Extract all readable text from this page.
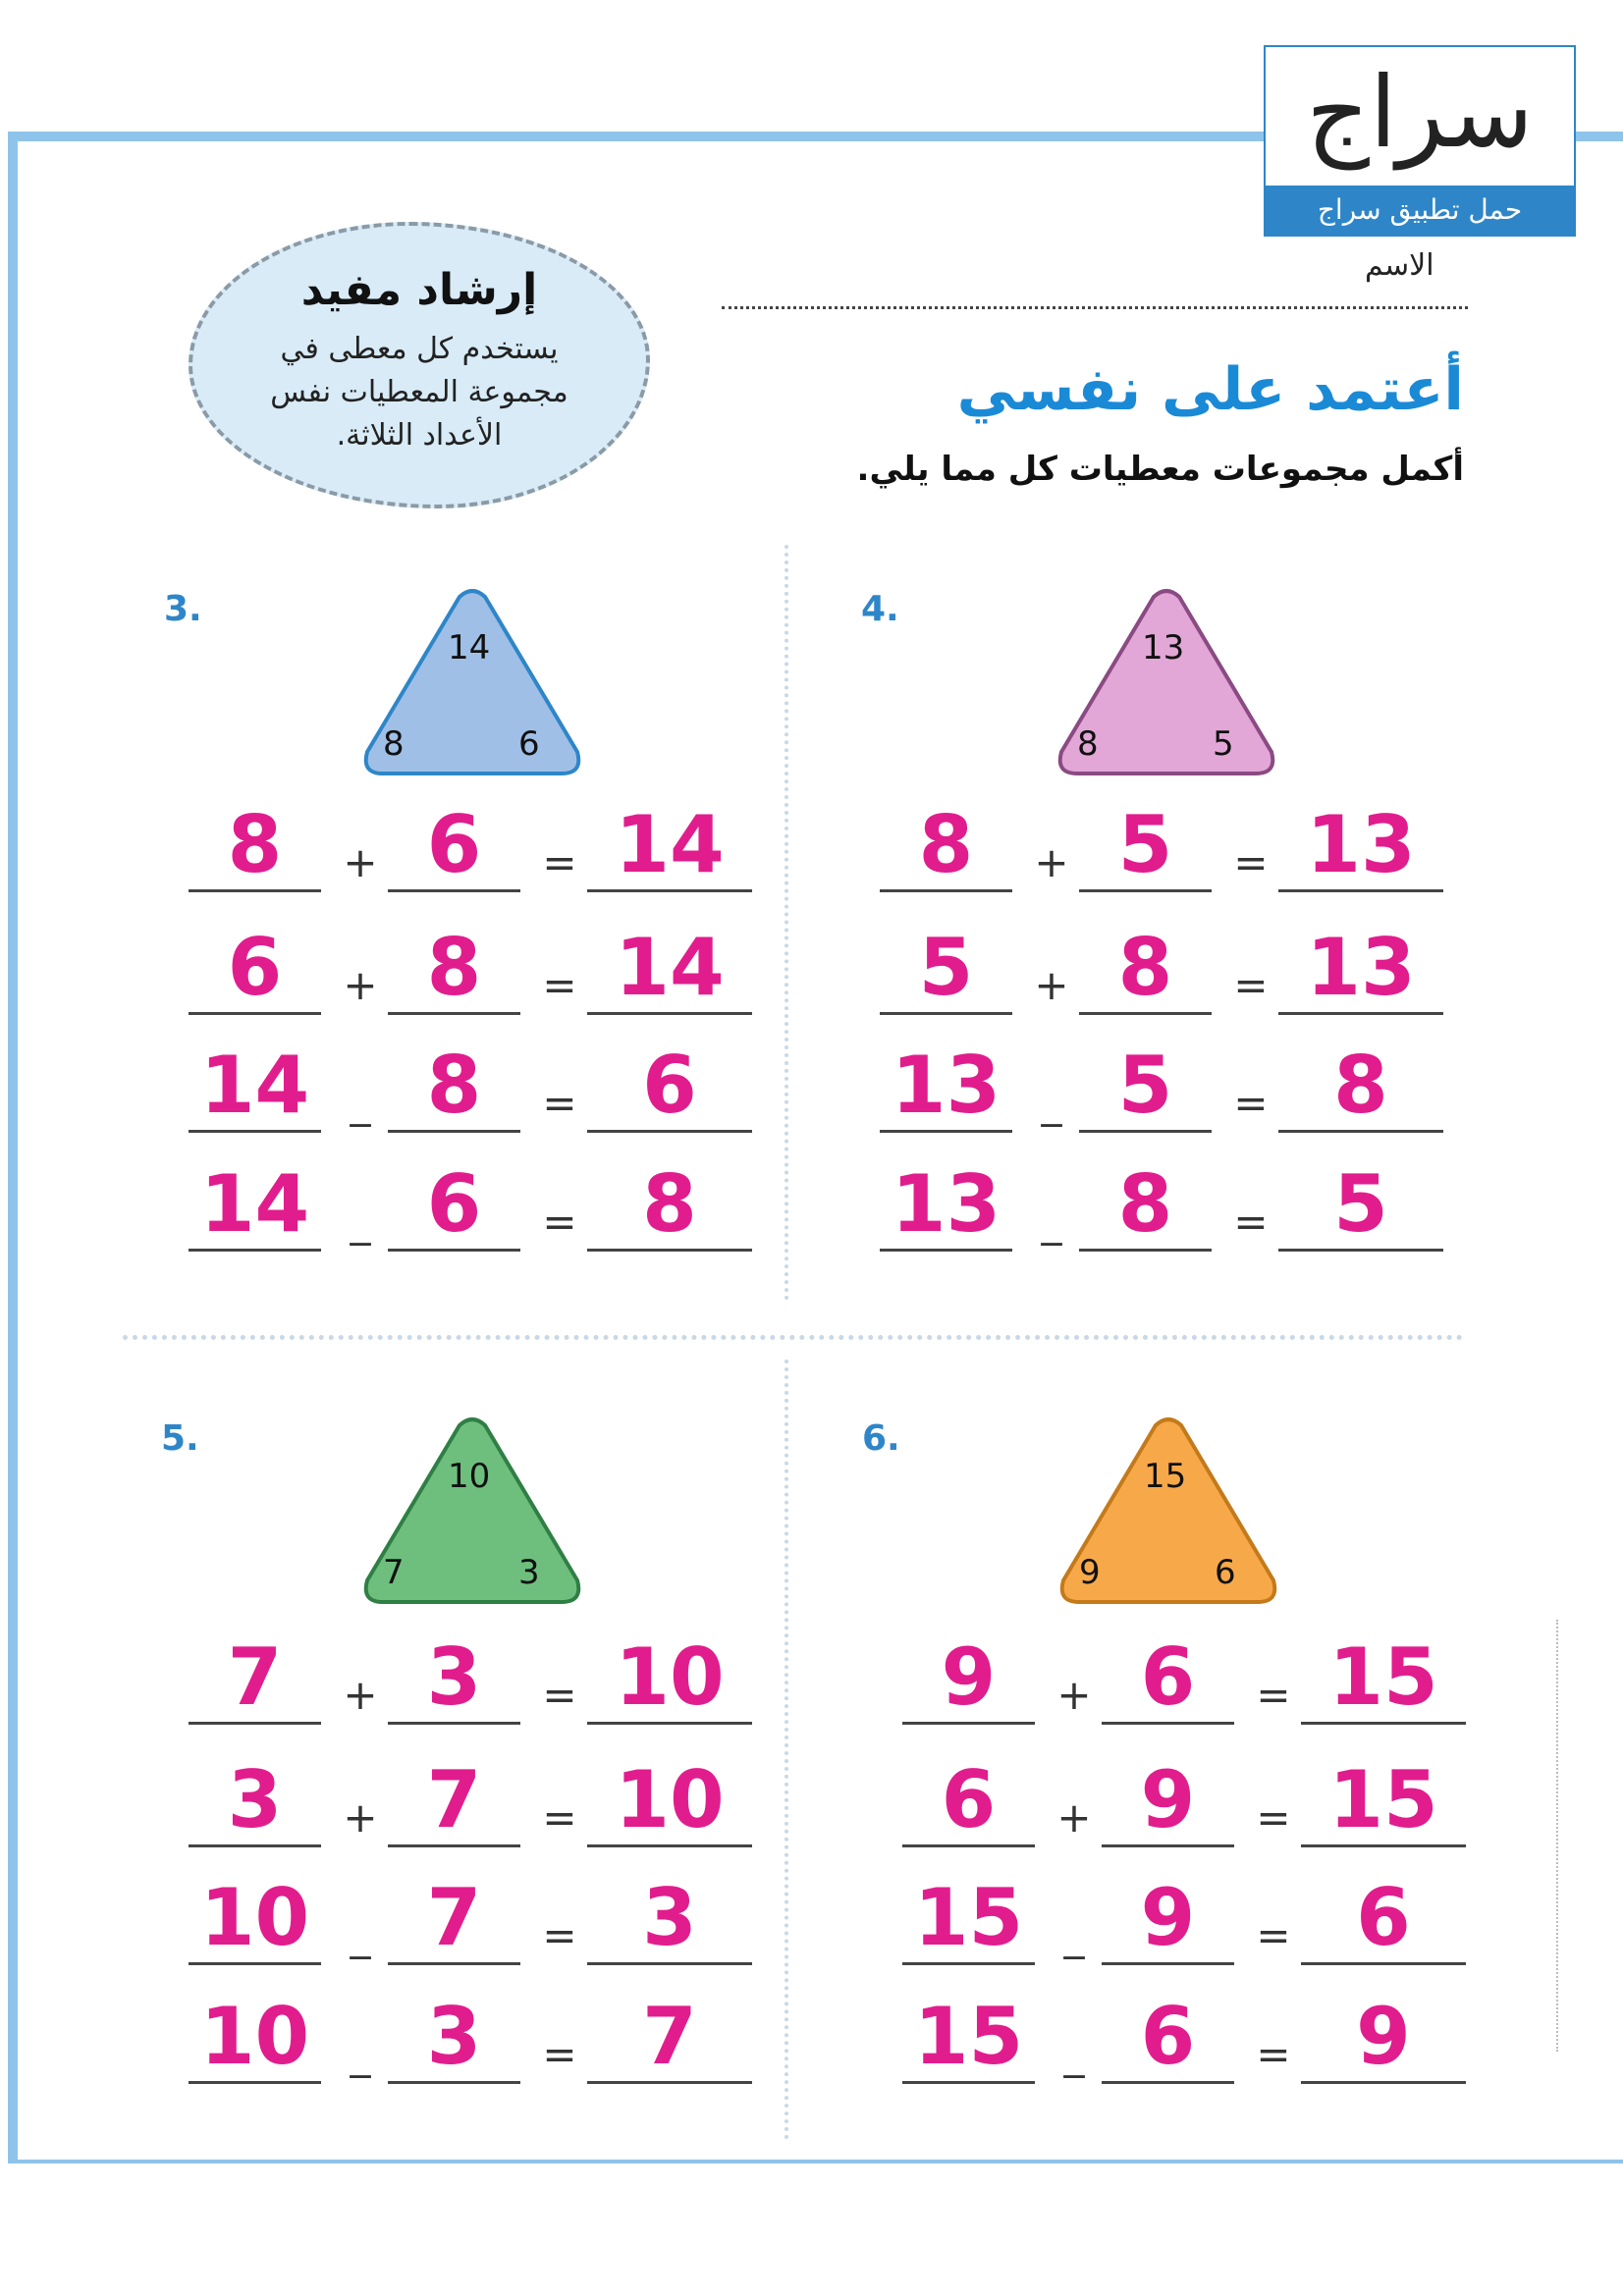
سراج
حمل تطبيق سراج
الاسم
إرشاد مفيد
يستخدم كل معطى في مجموعة المعطيات نفس الأعداد الثلاثة.
أعتمد على نفسي
أكمل مجموعات معطيات كل مما يلي.
3.
14
8	6
8	+ 6	= 14
6	+ 8	= 14
14 _ 8	= 6
14 _ 6	= 8
4.
13
8	5
8	+ 5	= 13
5	+ 8	= 13
13 _ 5	= 8
13 _ 8	= 5
5.
10
7	3
7	+ 3	= 10
3	+ 7	= 10
10 _ 7	= 3
10 _ 3	= 7
6.
15
9	6
9	+ 6	= 15
6	+ 9	= 15
15 _ 9	= 6
15 _ 6	= 9
